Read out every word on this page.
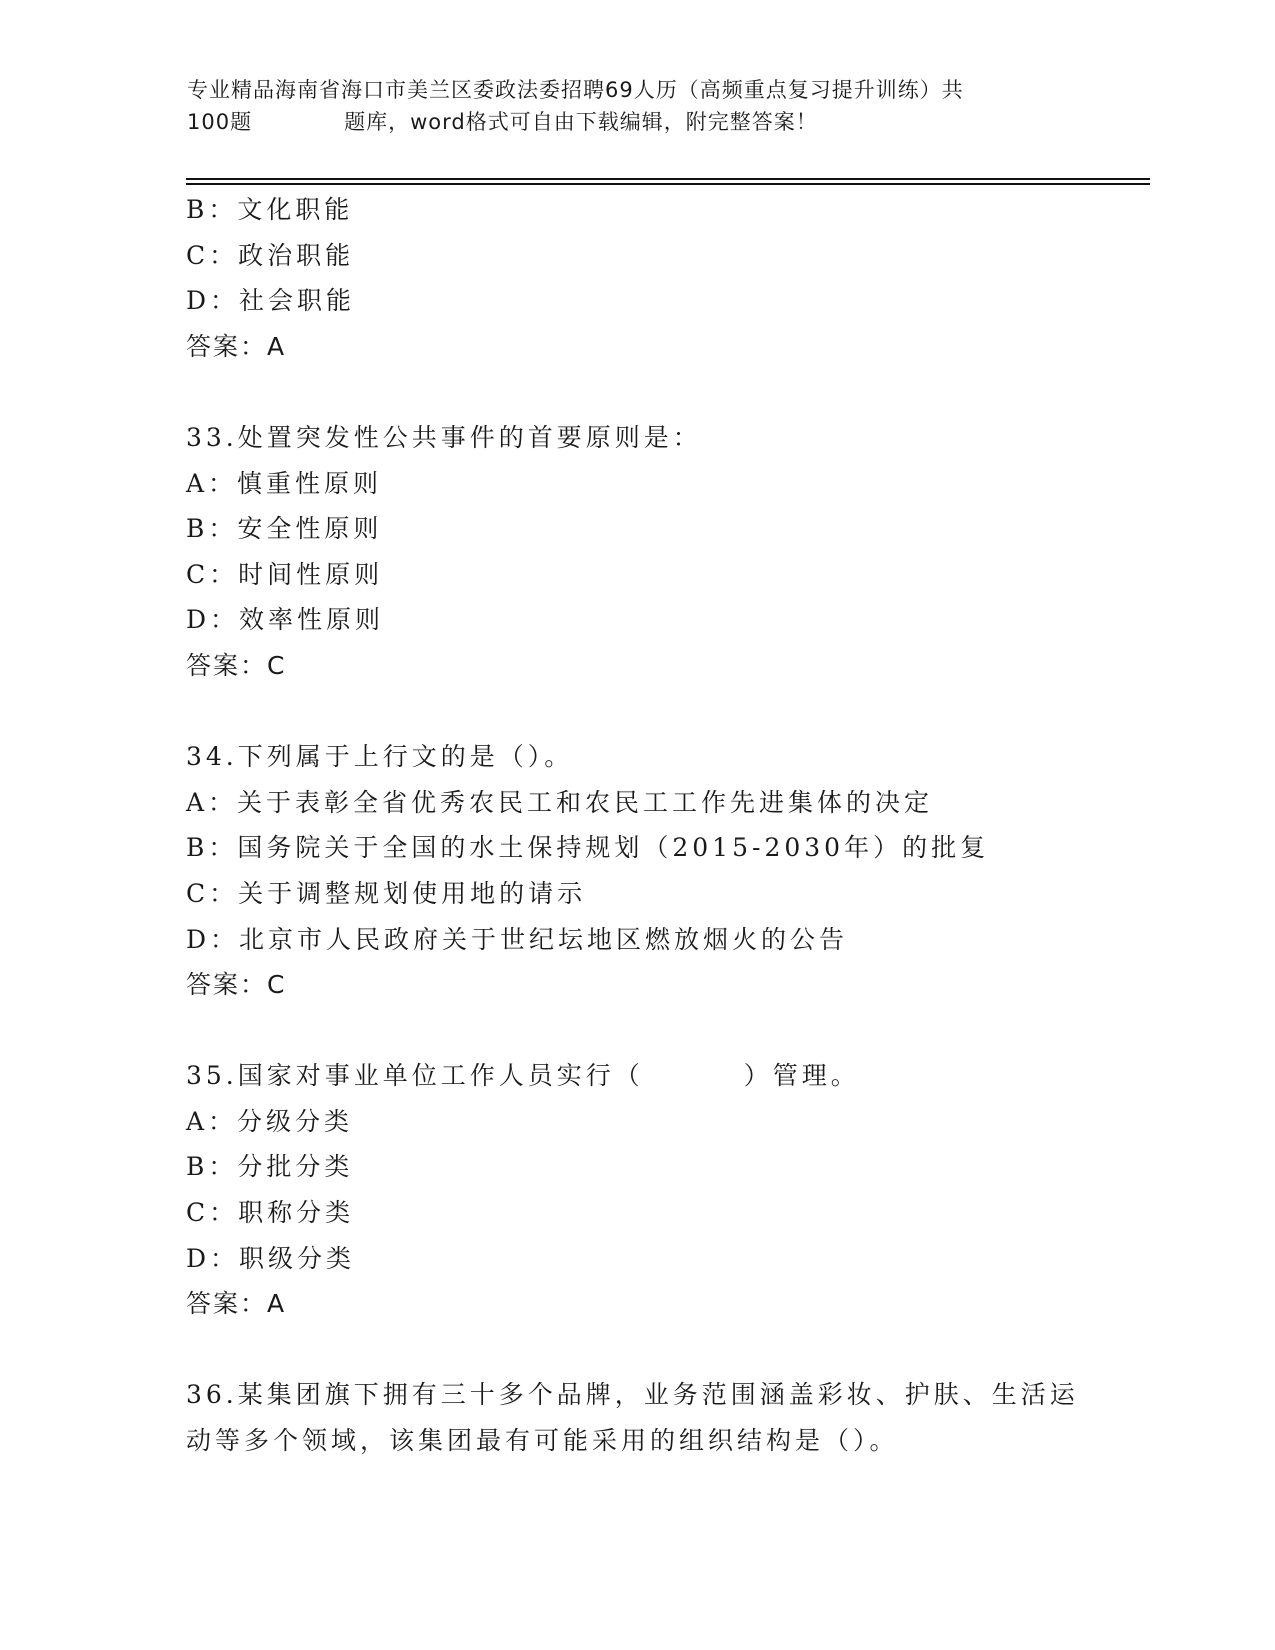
专业精品海南省海口市美兰区委政法委招聘69人历（高频重点复习提升训练）共
100题	题库，word格式可自由下载编辑，附完整答案！
B：文化职能
C：政治职能
D：社会职能
答案：A
33.处置突发性公共事件的首要原则是：
A：慎重性原则
B：安全性原则
C：时间性原则
D：效率性原则
答案：C
34.下列属于上行文的是（）。
A：关于表彰全省优秀农民工和农民工工作先进集体的决定
B：国务院关于全国的水土保持规划（2015-2030年）的批复
C：关于调整规划使用地的请示
D：北京市人民政府关于世纪坛地区燃放烟火的公告
答案：C
35.国家对事业单位工作人员实行（	）管理。
A：分级分类
B：分批分类
C：职称分类
D：职级分类
答案：A
36.某集团旗下拥有三十多个品牌，业务范围涵盖彩妆、护肤、生活运
动等多个领域，该集团最有可能采用的组织结构是（）。
